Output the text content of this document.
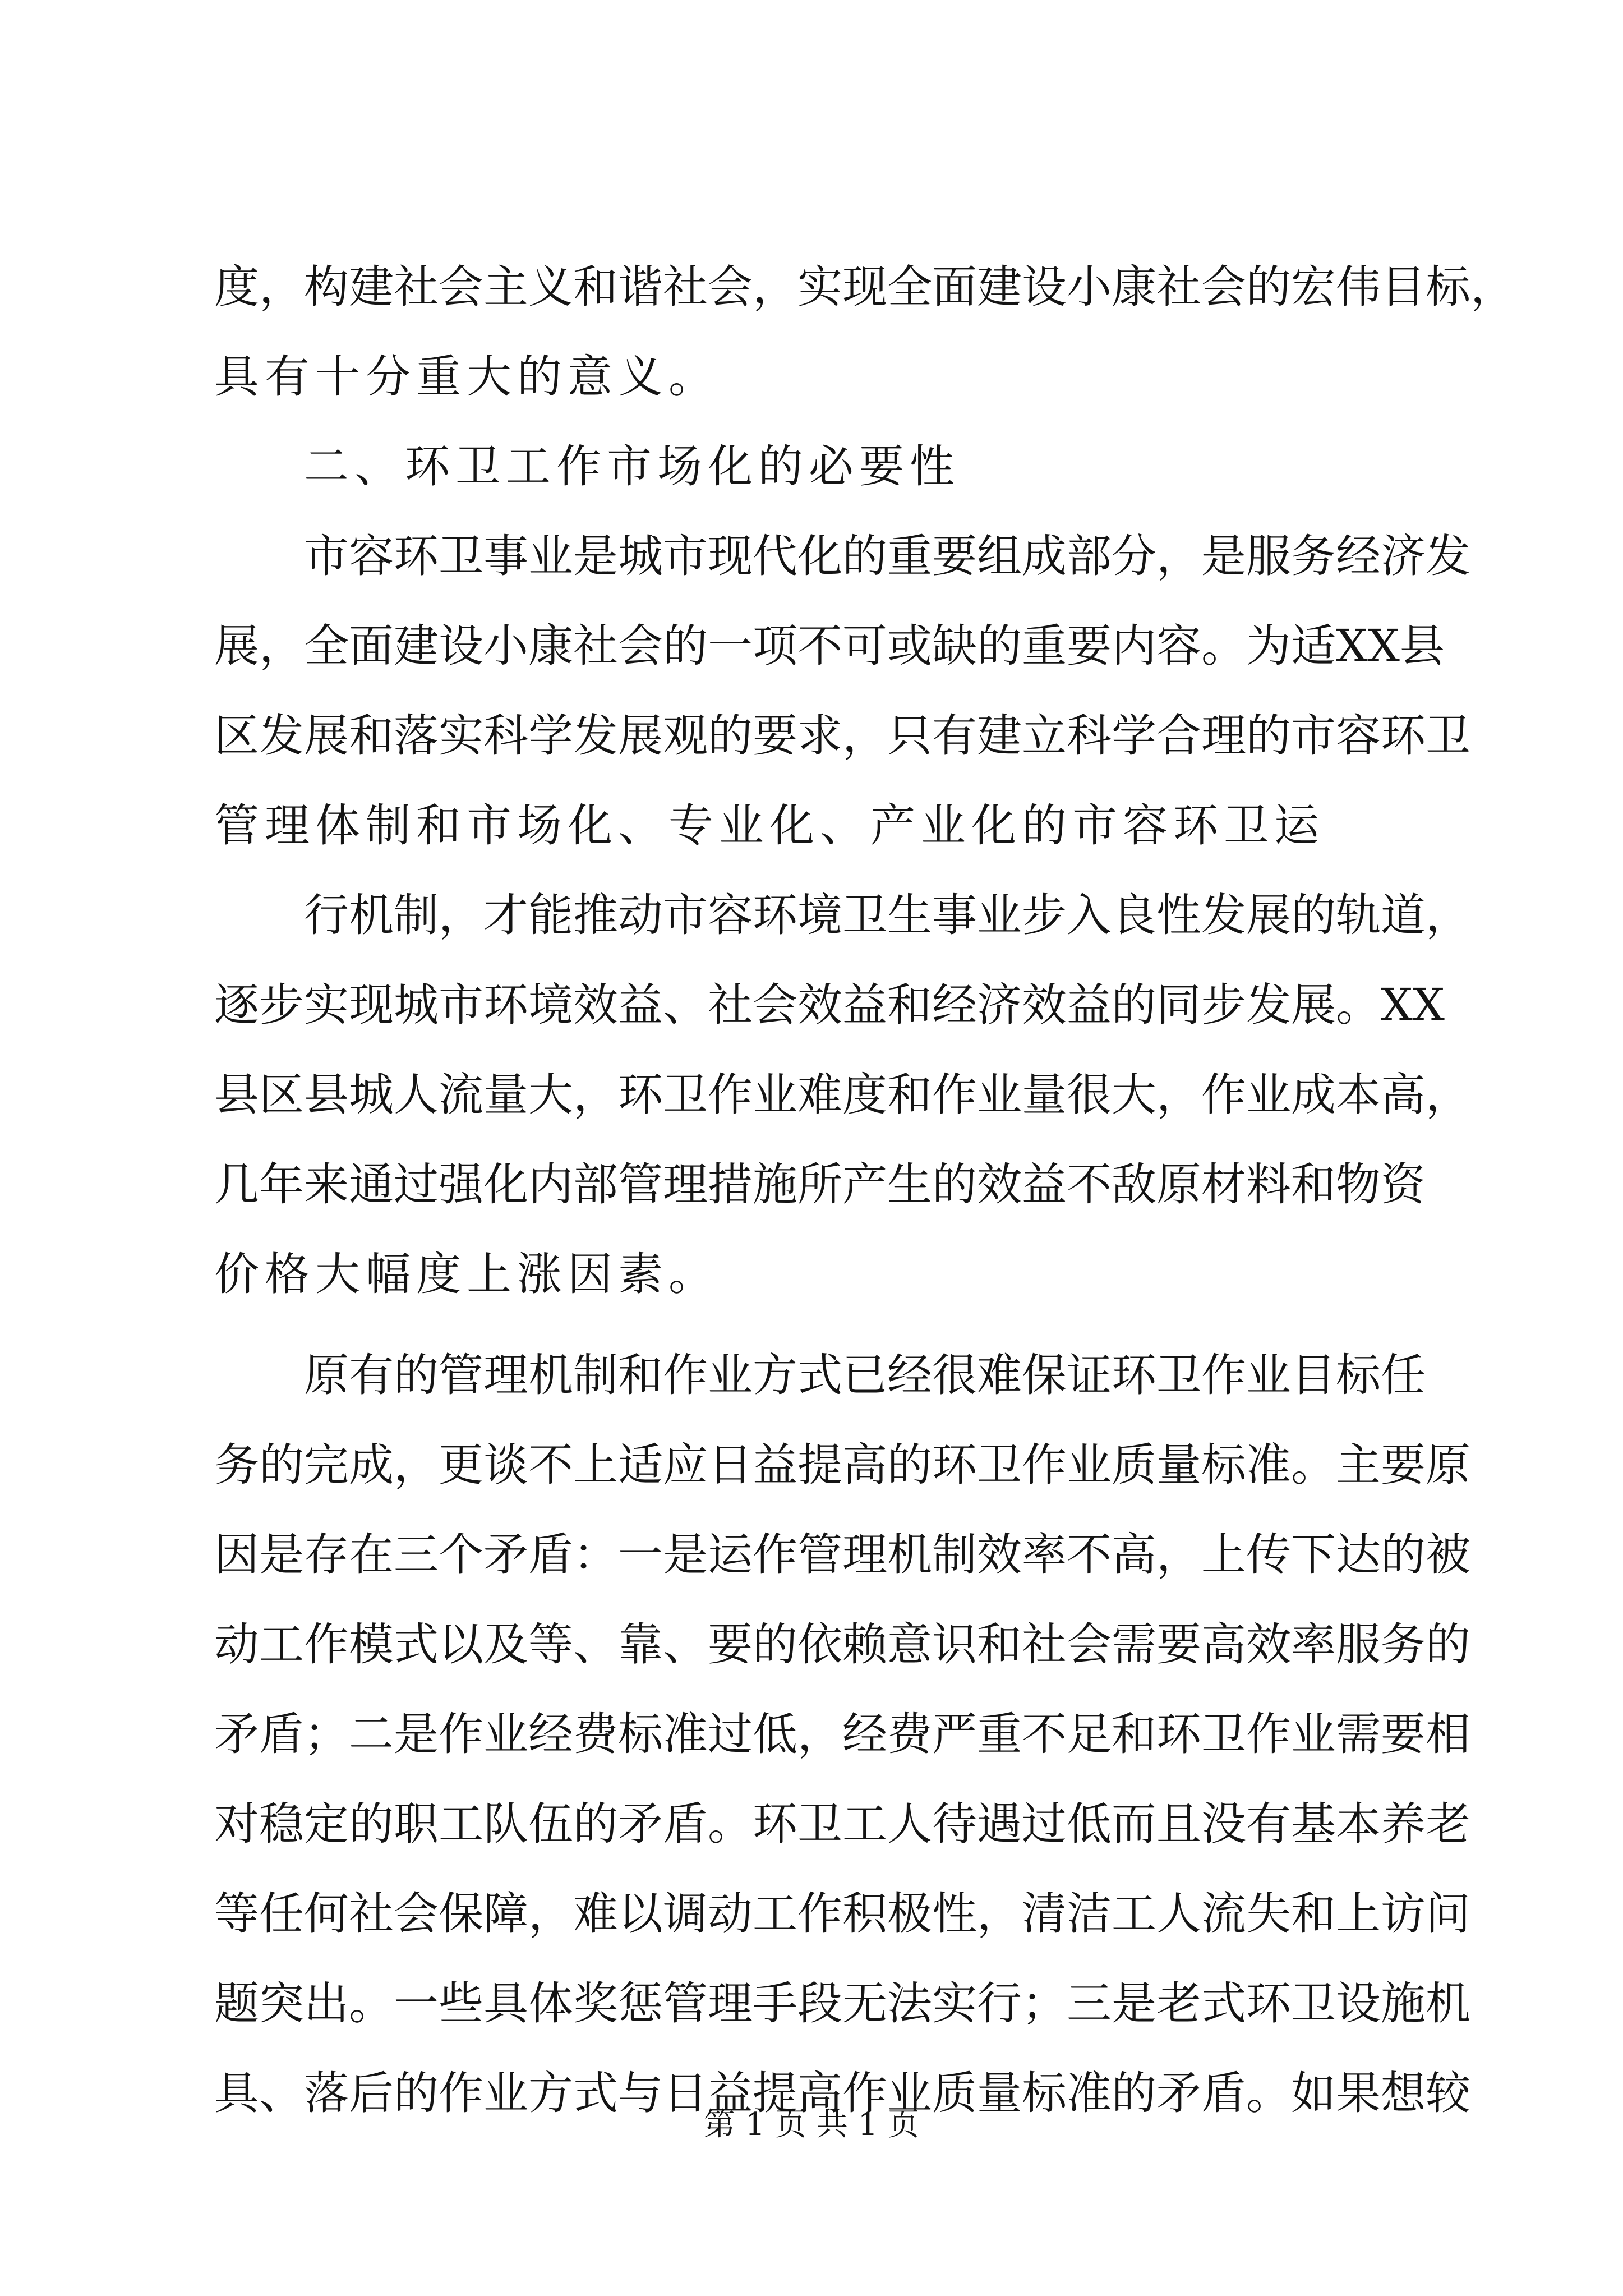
度 ， 构 建 社 会 主 义 和 谐 社 会 ， 实 现 全 面 建 设 小 康 社 会 的 宏 伟 目 标 ，
具有十分重大的意义。
二、环卫工作市场化的必要性
市 容 环 卫 事 业 是 城 市 现 代 化 的 重 要 组 成 部 分 ， 是 服 务 经 济 发
展 ， 全 面 建 设 小 康 社 会 的 一 项 不 可 或 缺 的 重 要 内 容 。 为 适 X X 县
区 发 展 和 落 实 科 学 发 展 观 的 要 求 ， 只 有 建 立 科 学 合 理 的 市 容 环 卫
管理体制和市场化、专业化、产业化的市容环卫运
行 机 制 ， 才 能 推 动 市 容 环 境 卫 生 事 业 步 入 良 性 发 展 的 轨 道 ，
逐 步 实 现 城 市 环 境 效 益 、 社 会 效 益 和 经 济 效 益 的 同 步 发 展 。 X X
县 区 县 城 人 流 量 大 ， 环 卫 作 业 难 度 和 作 业 量 很 大 ， 作 业 成 本 高 ，
几 年 来 通 过 强 化 内 部 管 理 措 施 所 产 生 的 效 益 不 敌 原 材 料 和 物 资
价格大幅度上涨因素。
原 有 的 管 理 机 制 和 作 业 方 式 已 经 很 难 保 证 环 卫 作 业 目 标 任
务 的 完 成 ， 更 谈 不 上 适 应 日 益 提 高 的 环 卫 作 业 质 量 标 准 。 主 要 原
因 是 存 在 三 个 矛 盾 ： 一 是 运 作 管 理 机 制 效 率 不 高 ， 上 传 下 达 的 被
动 工 作 模 式 以 及 等 、 靠 、 要 的 依 赖 意 识 和 社 会 需 要 高 效 率 服 务 的
矛 盾 ； 二 是 作 业 经 费 标 准 过 低 ， 经 费 严 重 不 足 和 环 卫 作 业 需 要 相
对 稳 定 的 职 工 队 伍 的 矛 盾 。 环 卫 工 人 待 遇 过 低 而 且 没 有 基 本 养 老
等 任 何 社 会 保 障 ， 难 以 调 动 工 作 积 极 性 ， 清 洁 工 人 流 失 和 上 访 问
题 突 出 。 一 些 具 体 奖 惩 管 理 手 段 无 法 实 行 ； 三 是 老 式 环 卫 设 施 机
具 、 落 后 的 作 业 方 式 与 日 益 提 高 作 业 质 量 标 准 的 矛 盾 。 如 果 想 较
第 1 页 共 1 页
